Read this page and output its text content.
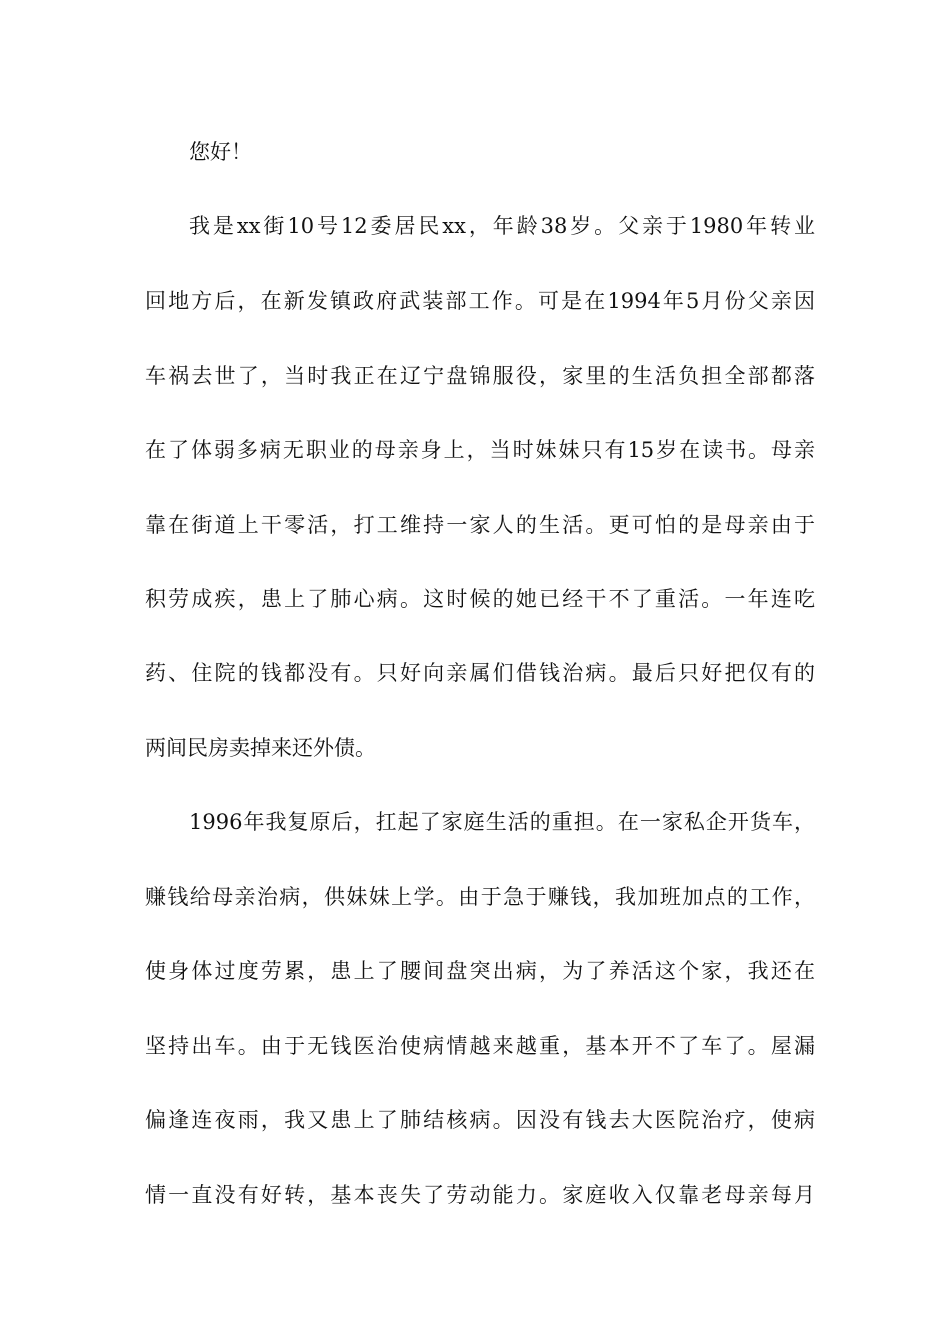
您好！
我是xx街10号12委居民xx，年龄38岁。父亲于1980年转业
回地方后，在新发镇政府武装部工作。可是在1994年5月份父亲因
车祸去世了，当时我正在辽宁盘锦服役，家里的生活负担全部都落
在了体弱多病无职业的母亲身上，当时妹妹只有15岁在读书。母亲
靠在街道上干零活，打工维持一家人的生活。更可怕的是母亲由于
积劳成疾，患上了肺心病。这时候的她已经干不了重活。一年连吃
药、住院的钱都没有。只好向亲属们借钱治病。最后只好把仅有的
两间民房卖掉来还外债。
1996年我复原后，扛起了家庭生活的重担。在一家私企开货车，
赚钱给母亲治病，供妹妹上学。由于急于赚钱，我加班加点的工作，
使身体过度劳累，患上了腰间盘突出病，为了养活这个家，我还在
坚持出车。由于无钱医治使病情越来越重，基本开不了车了。屋漏
偏逢连夜雨，我又患上了肺结核病。因没有钱去大医院治疗，使病
情一直没有好转，基本丧失了劳动能力。家庭收入仅靠老母亲每月
